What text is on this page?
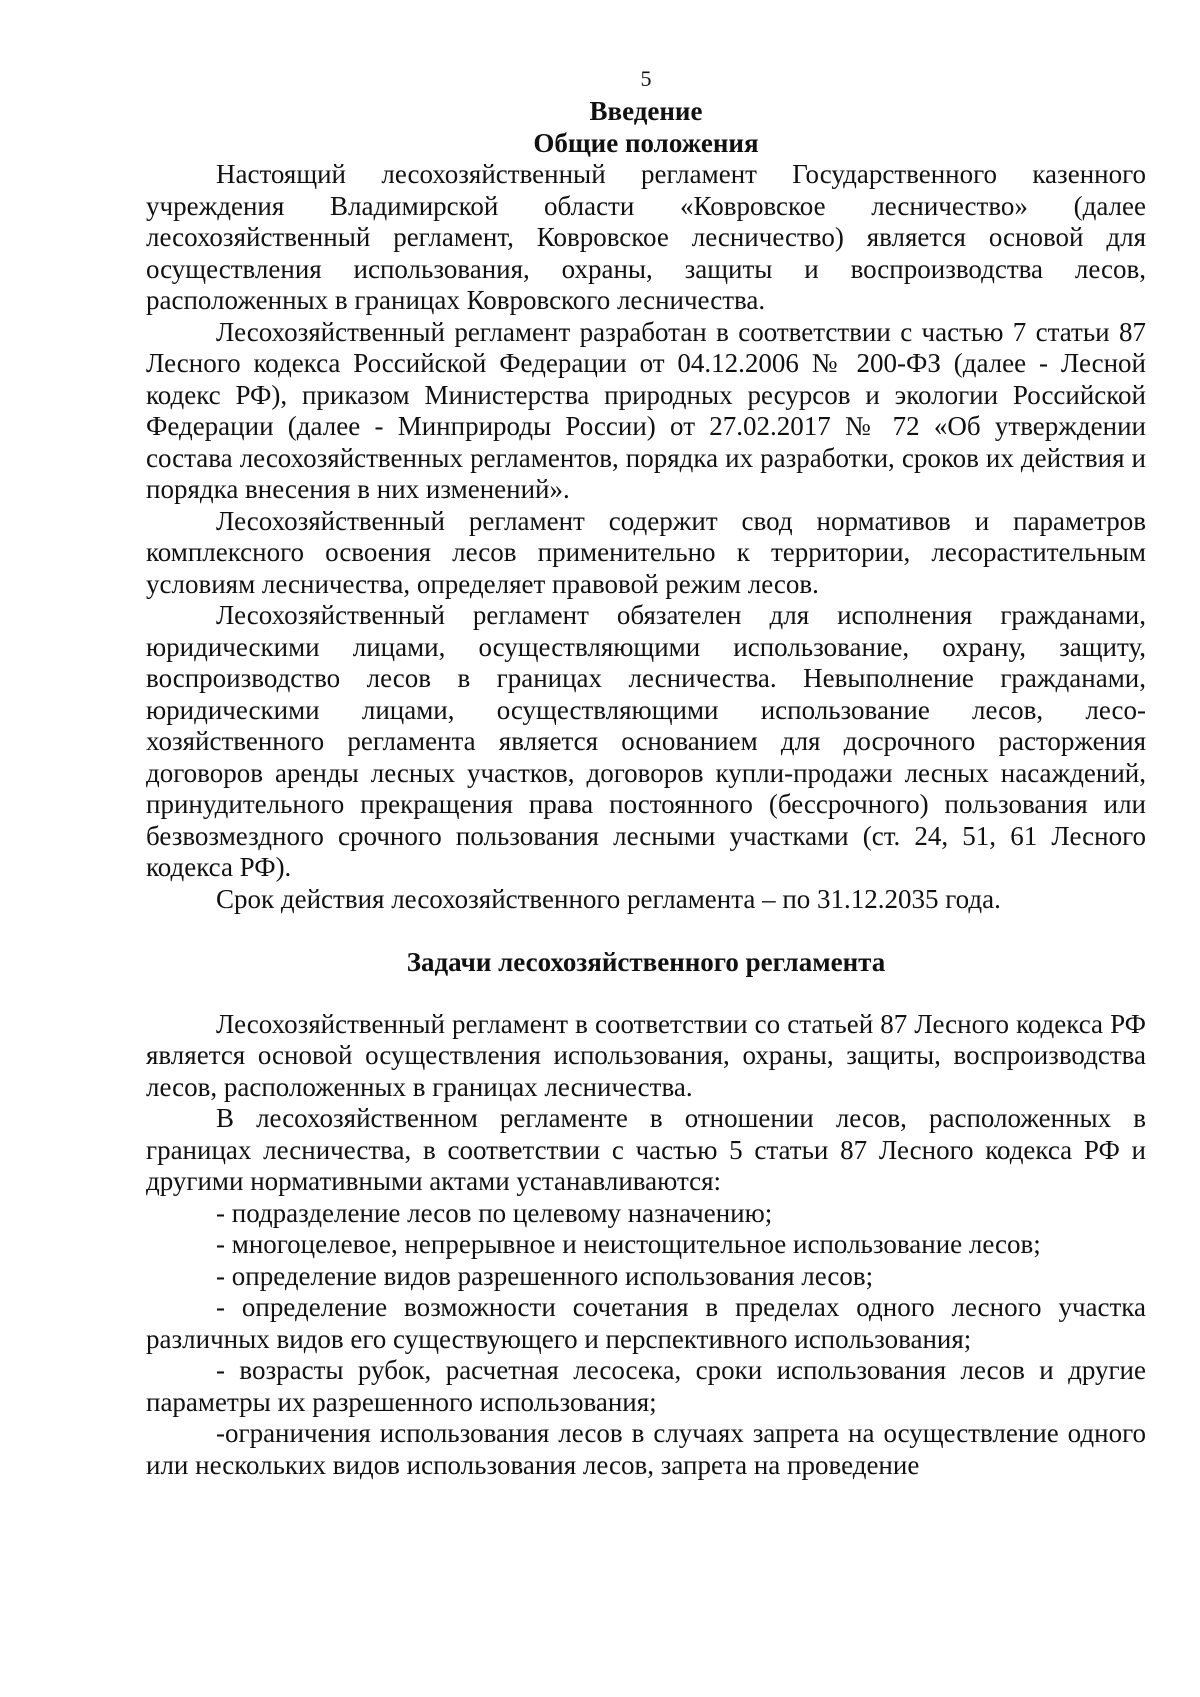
5
Введение
Общие положения

Настоящий лесохозяйственный регламент Государственного казенного учреждения Владимирской области «Ковровское лесничество» (далее лесохозяйственный регламент, Ковровское лесничество) является основой для осуществления использования, охраны, защиты и воспроизводства лесов, расположенных в границах Ковровского лесничества.

Лесохозяйственный регламент разработан в соответствии с частью 7 статьи 87 Лесного кодекса Российской Федерации от 04.12.2006 № 200-ФЗ (далее - Лесной кодекс РФ), приказом Министерства природных ресурсов и экологии Российской Федерации (далее - Минприроды России) от 27.02.2017 № 72 «Об утверждении состава лесохозяйственных регламентов, порядка их разработки, сроков их действия и порядка внесения в них изменений».

Лесохозяйственный регламент содержит свод нормативов и параметров комплексного освоения лесов применительно к территории, лесорастительным условиям лесничества, определяет правовой режим лесов.

Лесохозяйственный регламент обязателен для исполнения гражданами, юридическими лицами, осуществляющими использование, охрану, защиту, воспроизводство лесов в границах лесничества. Невыполнение гражданами, юридическими лицами, осуществляющими использование лесов, лесо-хозяйственного регламента является основанием для досрочного расторжения договоров аренды лесных участков, договоров купли-продажи лесных насаждений, принудительного прекращения права постоянного (бессрочного) пользования или безвозмездного срочного пользования лесными участками (ст. 24, 51, 61 Лесного кодекса РФ).

Срок действия лесохозяйственного регламента – по 31.12.2035 года.

Задачи лесохозяйственного регламента

Лесохозяйственный регламент в соответствии со статьей 87 Лесного кодекса РФ является основой осуществления использования, охраны, защиты, воспроизводства лесов, расположенных в границах лесничества.

В лесохозяйственном регламенте в отношении лесов, расположенных в границах лесничества, в соответствии с частью 5 статьи 87 Лесного кодекса РФ и другими нормативными актами устанавливаются:

- подразделение лесов по целевому назначению;

- многоцелевое, непрерывное и неистощительное использование лесов;

- определение видов разрешенного использования лесов;

- определение возможности сочетания в пределах одного лесного участка различных видов его существующего и перспективного использования;

- возрасты рубок, расчетная лесосека, сроки использования лесов и другие параметры их разрешенного использования;

-ограничения использования лесов в случаях запрета на осуществление одного или нескольких видов использования лесов, запрета на проведение
